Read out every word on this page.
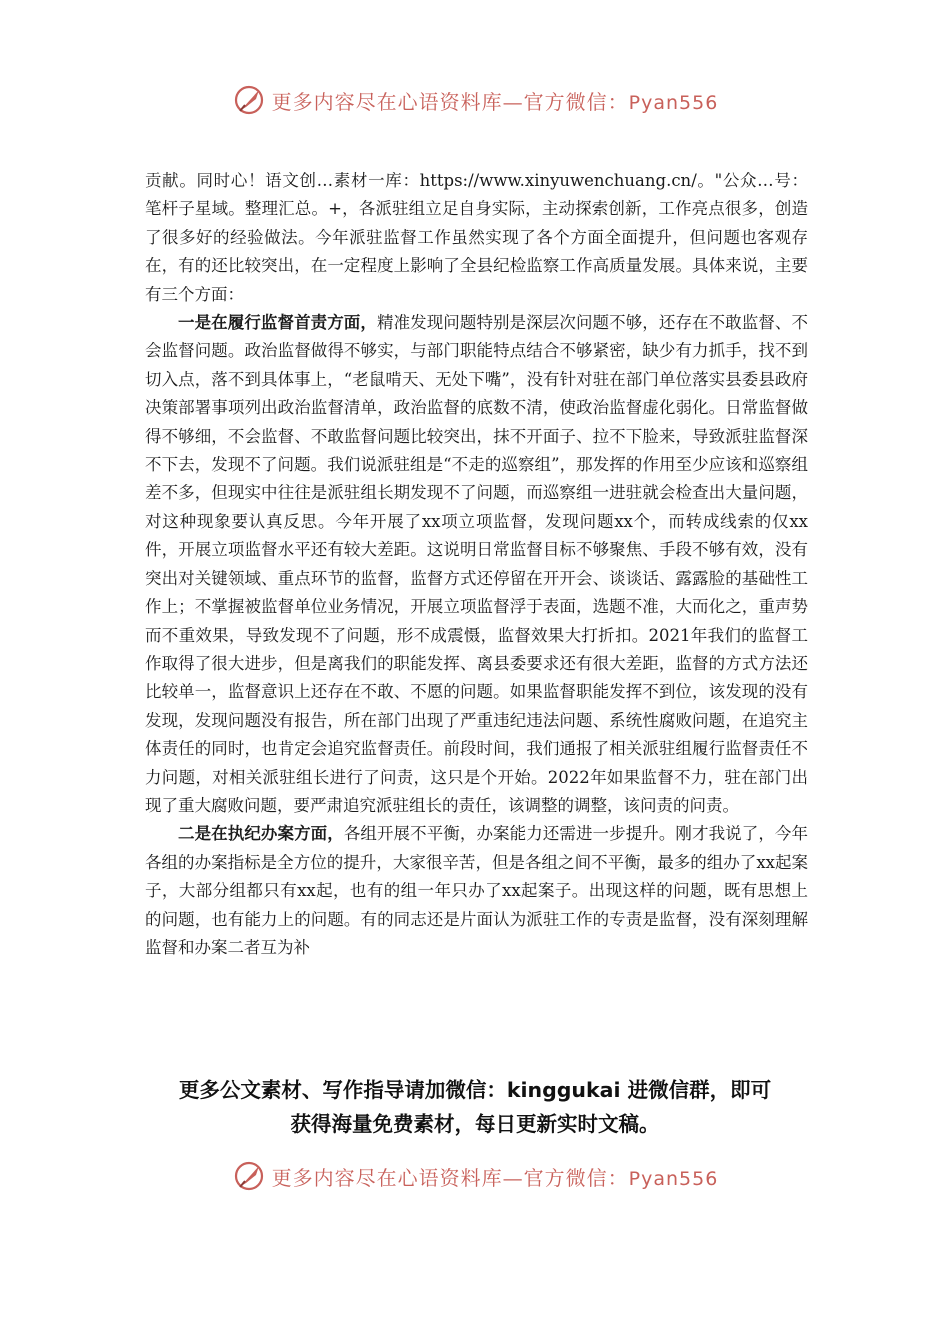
更多内容尽在心语资料库—官方微信：Pyan556

贡献。同时心！语文创…素材一库：https://www.xinyuwenchuang.cn/。"公众…号：笔杆子星域。整理汇总。+，各派驻组立足自身实际，主动探索创新，工作亮点很多，创造了很多好的经验做法。今年派驻监督工作虽然实现了各个方面全面提升，但问题也客观存在，有的还比较突出，在一定程度上影响了全县纪检监察工作高质量发展。具体来说，主要有三个方面：

一是在履行监督首责方面，精准发现问题特别是深层次问题不够，还存在不敢监督、不会监督问题。政治监督做得不够实，与部门职能特点结合不够紧密，缺少有力抓手，找不到切入点，落不到具体事上，“老鼠啃天、无处下嘴”，没有针对驻在部门单位落实县委县政府决策部署事项列出政治监督清单，政治监督的底数不清，使政治监督虚化弱化。日常监督做得不够细，不会监督、不敢监督问题比较突出，抹不开面子、拉不下脸来，导致派驻监督深不下去，发现不了问题。我们说派驻组是“不走的巡察组”，那发挥的作用至少应该和巡察组差不多，但现实中往往是派驻组长期发现不了问题，而巡察组一进驻就会检查出大量问题，对这种现象要认真反思。今年开展了xx项立项监督，发现问题xx个，而转成线索的仅xx件，开展立项监督水平还有较大差距。这说明日常监督目标不够聚焦、手段不够有效，没有突出对关键领域、重点环节的监督，监督方式还停留在开开会、谈谈话、露露脸的基础性工作上；不掌握被监督单位业务情况，开展立项监督浮于表面，选题不准，大而化之，重声势而不重效果，导致发现不了问题，形不成震慑，监督效果大打折扣。2021年我们的监督工作取得了很大进步，但是离我们的职能发挥、离县委要求还有很大差距，监督的方式方法还比较单一，监督意识上还存在不敢、不愿的问题。如果监督职能发挥不到位，该发现的没有发现，发现问题没有报告，所在部门出现了严重违纪违法问题、系统性腐败问题，在追究主体责任的同时，也肯定会追究监督责任。前段时间，我们通报了相关派驻组履行监督责任不力问题，对相关派驻组长进行了问责，这只是个开始。2022年如果监督不力，驻在部门出现了重大腐败问题，要严肃追究派驻组长的责任，该调整的调整，该问责的问责。

二是在执纪办案方面，各组开展不平衡，办案能力还需进一步提升。刚才我说了，今年各组的办案指标是全方位的提升，大家很辛苦，但是各组之间不平衡，最多的组办了xx起案子，大部分组都只有xx起，也有的组一年只办了xx起案子。出现这样的问题，既有思想上的问题，也有能力上的问题。有的同志还是片面认为派驻工作的专责是监督，没有深刻理解监督和办案二者互为补

更多公文素材、写作指导请加微信：kinggukai 进微信群，即可
获得海量免费素材，每日更新实时文稿。
更多内容尽在心语资料库—官方微信：Pyan556
